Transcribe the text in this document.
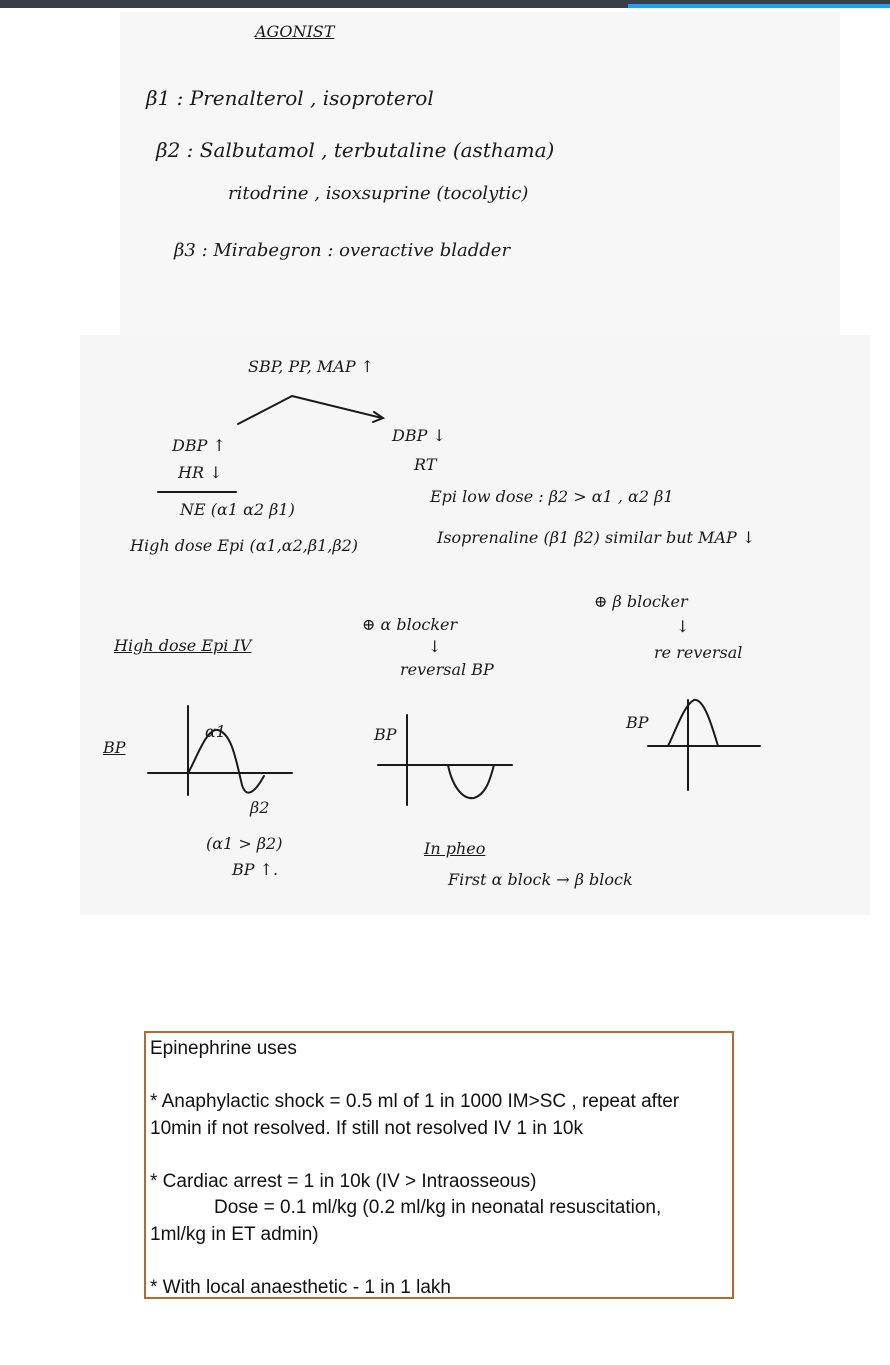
AGONIST
β1 : Prenalterol , isoproterol
β2 : Salbutamol , terbutaline (asthama)
ritodrine , isoxsuprine (tocolytic)
β3 : Mirabegron : overactive bladder
SBP, PP, MAP ↑
DBP ↑
HR ↓
NE (α1 α2 β1)
High dose Epi (α1,α2,β1,β2)
DBP ↓
RT
Epi low dose : β2 > α1 , α2 β1
Isoprenaline (β1 β2) similar but MAP ↓
High dose Epi IV
BP
α1
β2
(α1 > β2)
BP ↑.
⊕ α blocker
↓
reversal BP
BP
In pheo
First α block → β block
⊕ β blocker
↓
re reversal
BP

Epinephrine uses

* Anaphylactic shock = 0.5 ml of 1 in 1000 IM>SC , repeat after

10min if not resolved. If still not resolved IV 1 in 10k

* Cardiac arrest = 1 in 10k (IV > Intraosseous)

Dose = 0.1 ml/kg (0.2 ml/kg in neonatal resuscitation,

1ml/kg in ET admin)

* With local anaesthetic - 1 in 1 lakh
